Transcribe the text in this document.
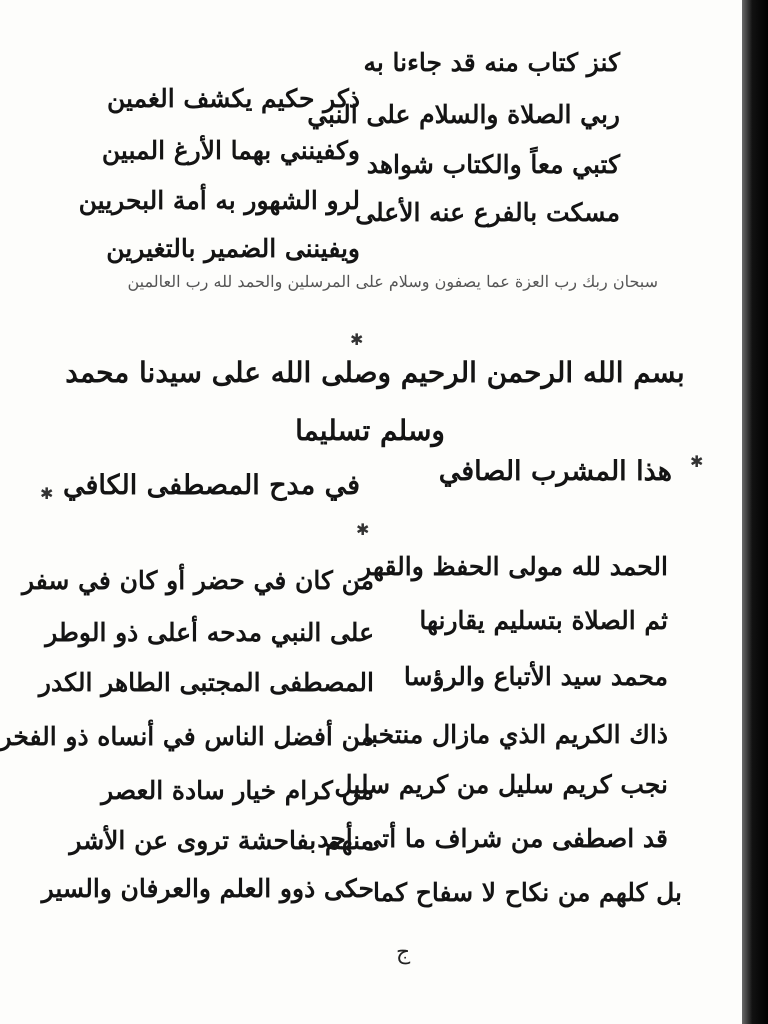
كنز كتاب منه قد جاءنا به
ذكر حكيم يكشف الغمين
ربي الصلاة والسلام على النبي
وكفينني بهما الأرغ المبين كتبي معاً والكتاب شواهد
لرو الشهور به أمة البحريين
مسكت بالفرع عنه الأعلى
ويفيننى الضمير بالتغيرين
سبحان ربك رب العزة عما يصفون وسلام على المرسلين والحمد لله رب العالمين
✱
✱
✱
✱
بسم الله الرحمن الرحيم وصلى الله على سيدنا محمد
وسلم تسليما
هذا المشرب الصافي
في مدح المصطفى الكافي
الحمد لله مولى الحفظ والقهر
من كان في حضر أو كان في سفر
ثم الصلاة بتسليم يقارنها
على النبي مدحه أعلى ذو الوطر
محمد سيد الأتباع والرؤسا
المصطفى المجتبى الطاهر الكدر
ذاك الكريم الذي مازال منتخبا
من أفضل الناس في أنساه ذو الفخر
نجب كريم سليل من كريم سليل
من كرام خيار سادة العصر
قد اصطفى من شراف ما أتى أحد
منهم بفاحشة تروى عن الأشر
بل كلهم من نكاح لا سفاح كما
حكى ذوو العلم والعرفان والسير
ج
